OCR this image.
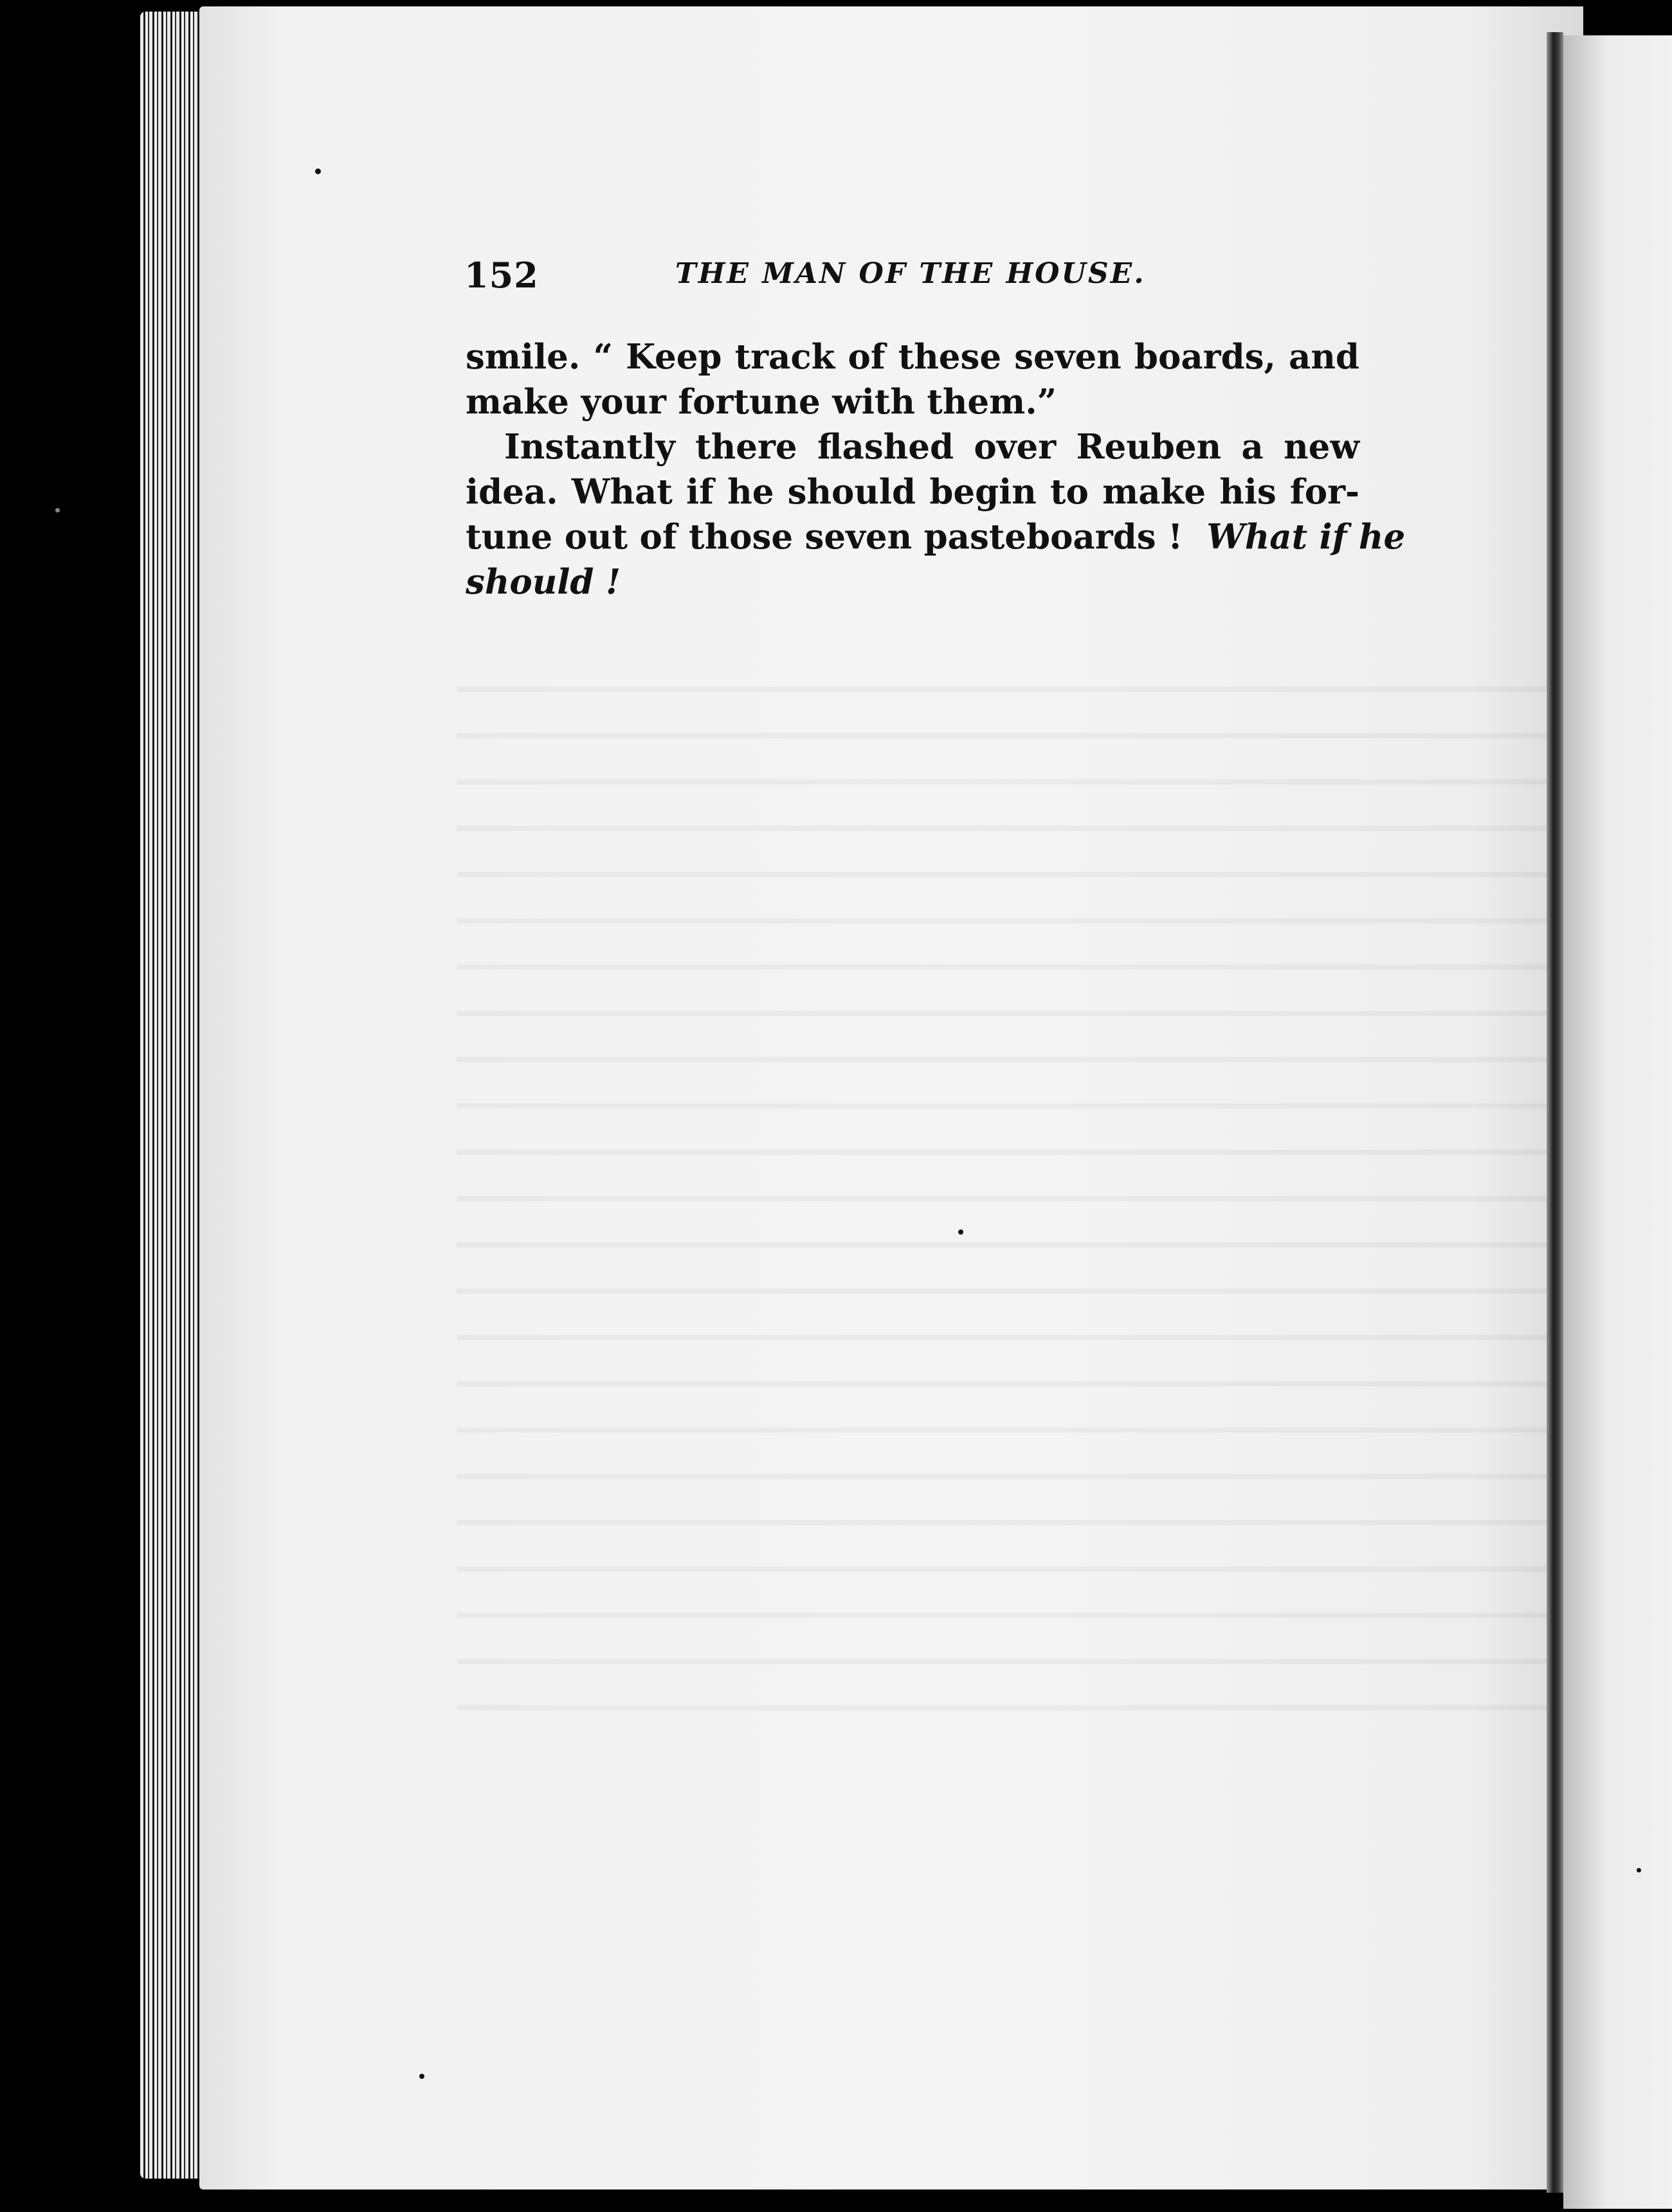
152	THE MAN OF THE HOUSE.

smile. “ Keep track of these seven boards, and

make your fortune with them.”

Instantly there flashed over Reuben a new

idea. What if he should begin to make his for-

tune out of those seven pasteboards ! What if he

should !
